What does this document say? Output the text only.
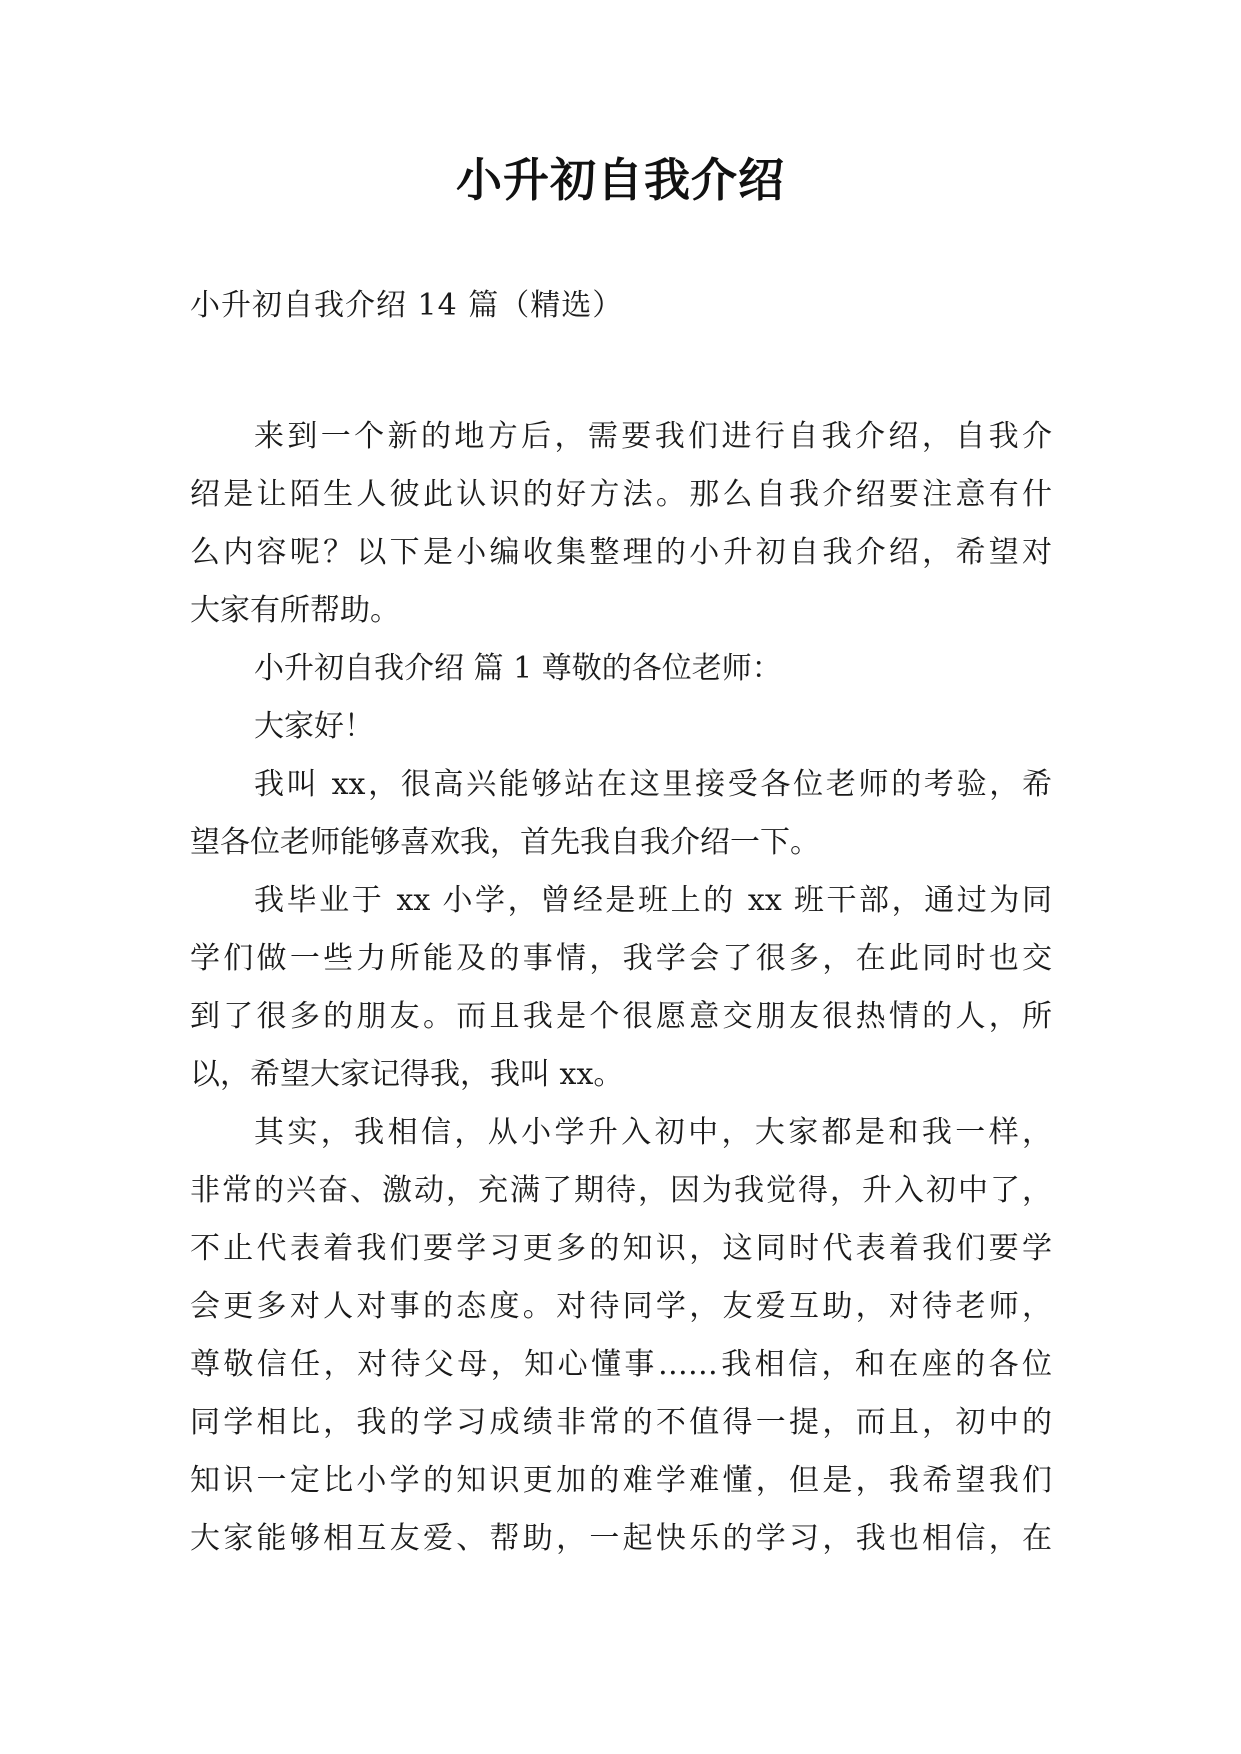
小升初自我介绍
小升初自我介绍 14 篇（精选）
来到一个新的地方后，需要我们进行自我介绍，自我介
绍是让陌生人彼此认识的好方法。那么自我介绍要注意有什
么内容呢？以下是小编收集整理的小升初自我介绍，希望对
大家有所帮助。
小升初自我介绍 篇 1 尊敬的各位老师：
大家好！
我叫 xx，很高兴能够站在这里接受各位老师的考验，希
望各位老师能够喜欢我，首先我自我介绍一下。
我毕业于 xx 小学，曾经是班上的 xx 班干部，通过为同
学们做一些力所能及的事情，我学会了很多，在此同时也交
到了很多的朋友。而且我是个很愿意交朋友很热情的人，所
以，希望大家记得我，我叫 xx。
其实，我相信，从小学升入初中，大家都是和我一样，
非常的兴奋、激动，充满了期待，因为我觉得，升入初中了，
不止代表着我们要学习更多的知识，这同时代表着我们要学
会更多对人对事的态度。对待同学，友爱互助，对待老师，
尊敬信任，对待父母，知心懂事……我相信，和在座的各位
同学相比，我的学习成绩非常的不值得一提，而且，初中的
知识一定比小学的知识更加的难学难懂，但是，我希望我们
大家能够相互友爱、帮助，一起快乐的学习，我也相信，在
